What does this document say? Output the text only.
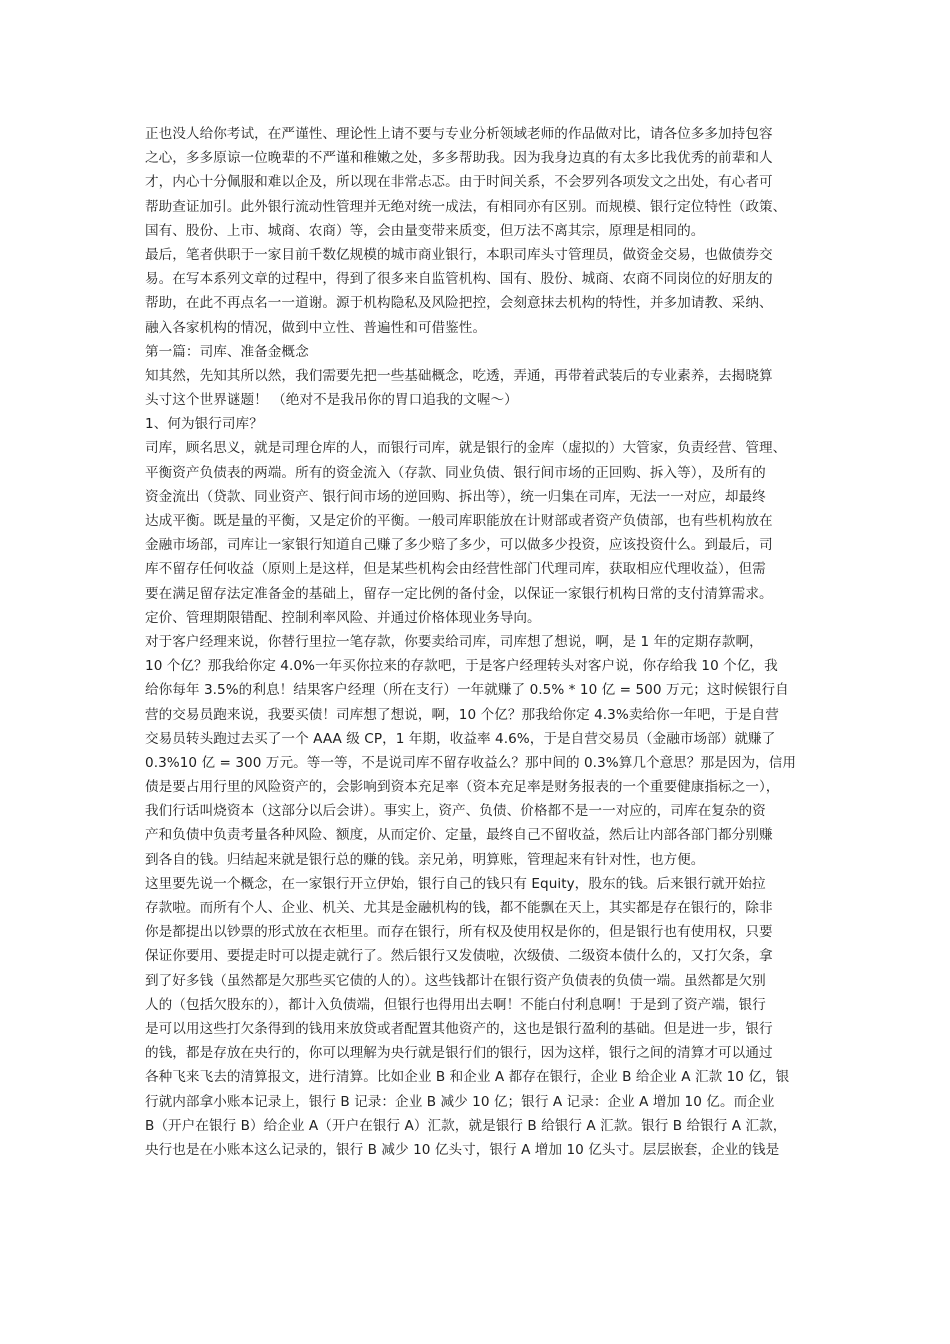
正也没人给你考试，在严谨性、理论性上请不要与专业分析领域老师的作品做对比，请各位多多加持包容
之心，多多原谅一位晚辈的不严谨和稚嫩之处，多多帮助我。因为我身边真的有太多比我优秀的前辈和人
才，内心十分佩服和难以企及，所以现在非常忐忑。由于时间关系，不会罗列各项发文之出处，有心者可
帮助查证加引。此外银行流动性管理并无绝对统一成法，有相同亦有区别。而规模、银行定位特性（政策、
国有、股份、上市、城商、农商）等，会由量变带来质变，但万法不离其宗，原理是相同的。
最后，笔者供职于一家目前千数亿规模的城市商业银行，本职司库头寸管理员，做资金交易，也做债券交
易。在写本系列文章的过程中，得到了很多来自监管机构、国有、股份、城商、农商不同岗位的好朋友的
帮助，在此不再点名一一道谢。源于机构隐私及风险把控，会刻意抹去机构的特性，并多加请教、采纳、
融入各家机构的情况，做到中立性、普遍性和可借鉴性。
第一篇：司库、准备金概念
知其然，先知其所以然，我们需要先把一些基础概念，吃透，弄通，再带着武装后的专业素养，去揭晓算
头寸这个世界谜题！ （绝对不是我吊你的胃口追我的文喔～）
1、何为银行司库？
司库，顾名思义，就是司理仓库的人，而银行司库，就是银行的金库（虚拟的）大管家，负责经营、管理、
平衡资产负债表的两端。所有的资金流入（存款、同业负债、银行间市场的正回购、拆入等），及所有的
资金流出（贷款、同业资产、银行间市场的逆回购、拆出等），统一归集在司库，无法一一对应，却最终
达成平衡。既是量的平衡，又是定价的平衡。一般司库职能放在计财部或者资产负债部，也有些机构放在
金融市场部，司库让一家银行知道自己赚了多少赔了多少，可以做多少投资，应该投资什么。到最后，司
库不留存任何收益（原则上是这样，但是某些机构会由经营性部门代理司库，获取相应代理收益），但需
要在满足留存法定准备金的基础上，留存一定比例的备付金，以保证一家银行机构日常的支付清算需求。
定价、管理期限错配、控制利率风险、并通过价格体现业务导向。
对于客户经理来说，你替行里拉一笔存款，你要卖给司库，司库想了想说，啊，是 1 年的定期存款啊，
10 个亿？那我给你定 4.0%一年买你拉来的存款吧，于是客户经理转头对客户说，你存给我 10 个亿，我
给你每年 3.5%的利息！结果客户经理（所在支行）一年就赚了 0.5% * 10 亿 = 500 万元；这时候银行自
营的交易员跑来说，我要买债！司库想了想说，啊，10 个亿？那我给你定 4.3%卖给你一年吧，于是自营
交易员转头跑过去买了一个 AAA 级 CP，1 年期，收益率 4.6%，于是自营交易员（金融市场部）就赚了
0.3%10 亿 = 300 万元。等一等，不是说司库不留存收益么？那中间的 0.3%算几个意思？那是因为，信用
债是要占用行里的风险资产的，会影响到资本充足率（资本充足率是财务报表的一个重要健康指标之一），
我们行话叫烧资本（这部分以后会讲）。事实上，资产、负债、价格都不是一一对应的，司库在复杂的资
产和负债中负责考量各种风险、额度，从而定价、定量，最终自己不留收益，然后让内部各部门都分别赚
到各自的钱。归结起来就是银行总的赚的钱。亲兄弟，明算账，管理起来有针对性，也方便。
这里要先说一个概念，在一家银行开立伊始，银行自己的钱只有 Equity，股东的钱。后来银行就开始拉
存款啦。而所有个人、企业、机关、尤其是金融机构的钱，都不能飘在天上，其实都是存在银行的，除非
你是都提出以钞票的形式放在衣柜里。而存在银行，所有权及使用权是你的，但是银行也有使用权，只要
保证你要用、要提走时可以提走就行了。然后银行又发债啦，次级债、二级资本债什么的，又打欠条，拿
到了好多钱（虽然都是欠那些买它债的人的）。这些钱都计在银行资产负债表的负债一端。虽然都是欠别
人的（包括欠股东的），都计入负债端，但银行也得用出去啊！不能白付利息啊！于是到了资产端，银行
是可以用这些打欠条得到的钱用来放贷或者配置其他资产的，这也是银行盈利的基础。但是进一步，银行
的钱，都是存放在央行的，你可以理解为央行就是银行们的银行，因为这样，银行之间的清算才可以通过
各种飞来飞去的清算报文，进行清算。比如企业 B 和企业 A 都存在银行，企业 B 给企业 A 汇款 10 亿，银
行就内部拿小账本记录上，银行 B 记录：企业 B 减少 10 亿；银行 A 记录：企业 A 增加 10 亿。而企业
B（开户在银行 B）给企业 A（开户在银行 A）汇款，就是银行 B 给银行 A 汇款。银行 B 给银行 A 汇款，
央行也是在小账本这么记录的，银行 B 减少 10 亿头寸，银行 A 增加 10 亿头寸。层层嵌套，企业的钱是
